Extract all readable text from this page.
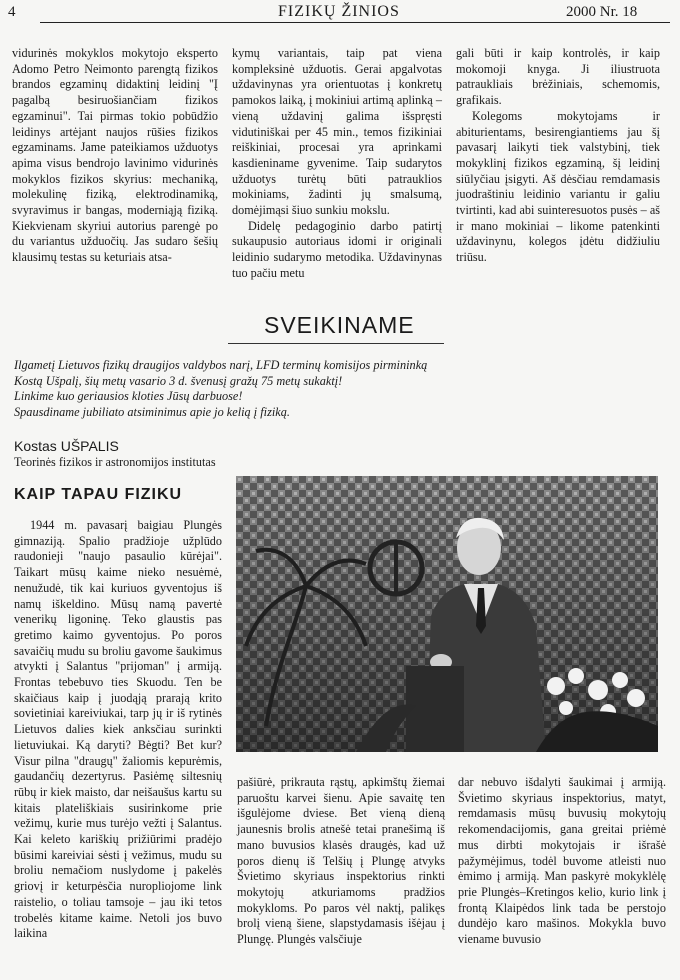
4	FIZIKŲ ŽINIOS	2000 Nr. 18

vidurinės mokyklos mokytojo eksperto Adomo Petro Neimonto parengtą fizikos brandos egzaminų didaktinį leidinį "Į pagalbą besiruošiančiam fizikos egzaminui". Tai pirmas tokio pobūdžio leidinys artėjant naujos rūšies fizikos egzaminams. Jame pateikiamos užduotys apima visus bendrojo lavinimo vidurinės mokyklos fizikos skyrius: mechaniką, molekulinę fiziką, elektrodinamiką, svyravimus ir bangas, moderniąją fiziką. Kiekvienam skyriui autorius parengė po du variantus užduočių. Jas sudaro šešių klausimų testas su keturiais atsa-

kymų variantais, taip pat viena kompleksinė užduotis. Gerai apgalvotas uždavinynas yra orientuotas į konkretų pamokos laiką, į mokiniui artimą aplinką – vieną uždavinį galima išspręsti vidutiniškai per 45 min., temos fizikiniai reiškiniai, procesai yra aprinkami kasdieniname gyvenime. Taip sudarytos užduotys turėtų būti patrauklios mokiniams, žadinti jų smalsumą, domėjimąsi šiuo sunkiu mokslu.

Didelę pedagoginio darbo patirtį sukaupusio autoriaus idomi ir originali leidinio sudarymo metodika. Uždavinynas tuo pačiu metu

gali būti ir kaip kontrolės, ir kaip mokomoji knyga. Ji iliustruota patraukliais brėžiniais, schemomis, grafikais.

Kolegoms mokytojams ir abiturientams, besirengiantiems jau šį pavasarį laikyti tiek valstybinį, tiek mokyklinį fizikos egzaminą, šį leidinį siūlyčiau įsigyti. Aš dėsčiau remdamasis juodraštiniu leidinio variantu ir galiu tvirtinti, kad abi suinteresuotos pusės – aš ir mano mokiniai – likome patenkinti uždavinynu, kolegos įdėtu didžiuliu triūsu.

SVEIKINAME
Ilgametį Lietuvos fizikų draugijos valdybos narį, LFD terminų komisijos pirmininką
Kostą Ušpalį, šių metų vasario 3 d. švenusį gražų 75 metų sukaktį!
Linkime kuo geriausios kloties Jūsų darbuose!
Spausdiname jubiliato atsiminimus apie jo kelią į fiziką.
Kostas UŠPALIS
Teorinės fizikos ir astronomijos institutas
KAIP TAPAU FIZIKU

1944 m. pavasarį baigiau Plungės gimnaziją. Spalio pradžioje užplūdo raudonieji "naujo pasaulio kūrėjai". Taikart mūsų kaime nieko nesuėmė, nenužudė, tik kai kuriuos gyventojus iš namų iškeldino. Mūsų namą pavertė venerikų ligoninę. Teko glaustis pas gretimo kaimo gyventojus. Po poros savaičių mudu su broliu gavome šaukimus atvykti į Salantus "prijoman" į armiją. Frontas tebebuvo ties Skuodu. Ten be skaičiaus kaip į juodąją prarają krito sovietiniai kareiviukai, tarp jų ir iš rytinės Lietuvos dalies kiek anksčiau surinkti lietuviukai. Ką daryti? Bėgti? Bet kur? Visur pilna "draugų" žaliomis kepurėmis, gaudančių dezertyrus. Pasiėmę siltesnių rūbų ir kiek maisto, dar neišaušus kartu su kitais plateliškiais susirinkome prie vežimų, kurie mus turėjo vežti į Salantus. Kai keleto kariškių prižiūrimi pradėjo būsimi kareiviai sėsti į vežimus, mudu su broliu nemačiom nuslydome į pakelės griovį ir keturpėsčia nuropliojome link raistelio, o toliau tamsoje – jau iki tetos trobelės kitame kaime. Netoli jos buvo laikina

pašiūrė, prikrauta rąstų, apkimštų žiemai paruoštu karvei šienu. Apie savaitę ten išgulėjome dviese. Bet vieną dieną jaunesnis brolis atnešė tetai pranešimą iš mano buvusios klasės draugės, kad už poros dienų iš Telšių į Plungę atvyks Švietimo skyriaus inspektorius rinkti mokytojų atkuriamoms pradžios mokykloms. Po paros vėl naktį, palikęs brolį vieną šiene, slapstydamasis išėjau į Plungę. Plungės valsčiuje

dar nebuvo išdalyti šaukimai į armiją. Švietimo skyriaus inspektorius, matyt, remdamasis mūsų buvusių mokytojų rekomendacijomis, gana greitai priėmė mus dirbti mokytojais ir išrašė pažymėjimus, todėl buvome atleisti nuo ėmimo į armiją. Man paskyrė mokyklėlę prie Plungės–Kretingos kelio, kurio link į frontą Klaipėdos link tada be perstojo dundėjo karo mašinos. Mokykla buvo viename buvusio
